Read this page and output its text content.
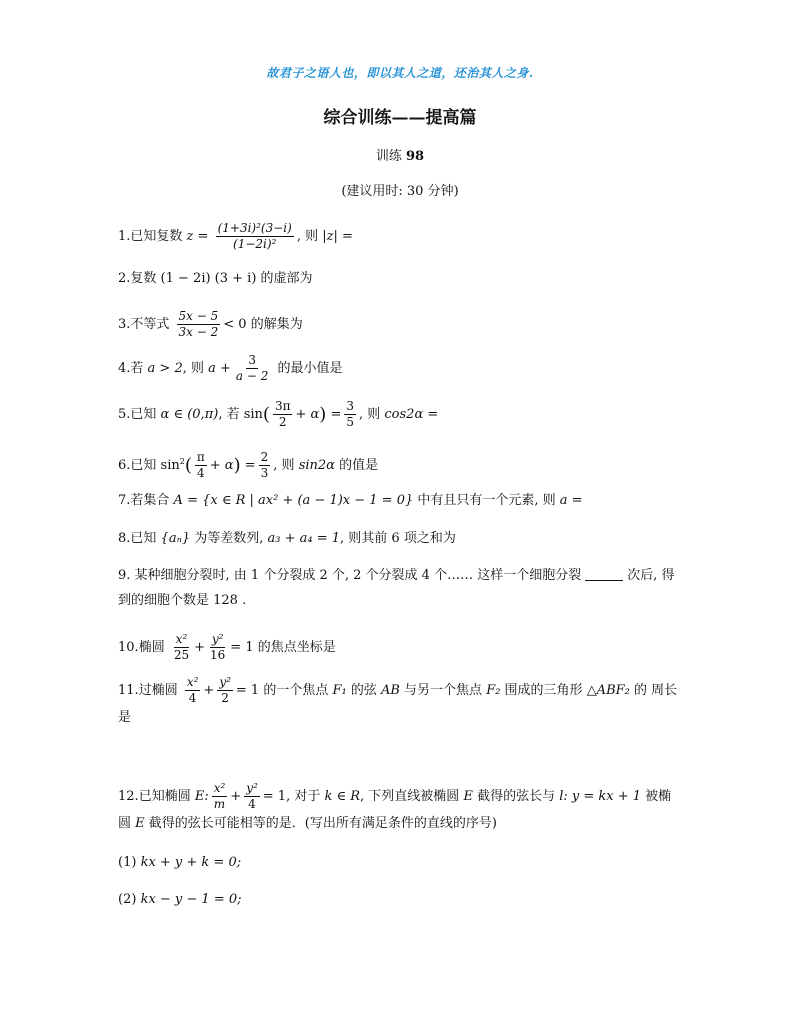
故君子之语人也，即以其人之道，还治其人之身.
综合训练——提高篇
训练 98
(建议用时: 30 分钟)
1.已知复数 $z = \frac{\text{(1+3i)²(3−i)}}{\text{(1−2i)²}}$ , 则 |z| =
2.复数 (1 − 2i) (3 + i) 的虚部为
3.不等式 $\frac{5x - 5}{3x - 2} < 0$ 的解集为
4.若 a > 2, 则 $a + \frac{3}{a - 2}$ 的最小值是
5.已知 α ∈ (0,π), 若 $\sin( \frac{3\pi}{2} + \alpha) = \frac{3}{5}$ , 则 cos2α =
6.已知 $\sin^2( \frac{\pi}{4} + \alpha) = \frac{2}{3}$ , 则 sin2α 的值是
7.若集合 A = {x ∈ R | ax² + (a − 1)x − 1 = 0} 中有且只有一个元素, 则 a =
8.已知 {aₙ} 为等差数列, a₃ + a₄ = 1, 则其前 6 项之和为
9. 某种细胞分裂时, 由 1 个分裂成 2 个, 2 个分裂成 4 个…… 这样一个细胞分裂	次后, 得到的细胞个数是 128 .
10.椭圆 $\frac{\text{x²}}{25} + \frac{\text{y²}}{16} = 1$ 的焦点坐标是
11.过椭圆 $\frac{\text{x²}}{4} + \frac{\text{y²}}{2} = 1$ 的一个焦点 F₁ 的弦 AB 与另一个焦点 F₂ 围成的三角形 △ABF₂ 的 周长是
12.已知椭圆 E: $\frac{\text{x²}}{m} + \frac{\text{y²}}{4} = 1$, 对于 k ∈ R, 下列直线被椭圆 E 截得的弦长与 l: y = kx + 1 被椭圆 E 截得的弦长可能相等的是．(写出所有满足条件的直线的序号)
(1) kx + y + k = 0;
(2) kx − y − 1 = 0;
